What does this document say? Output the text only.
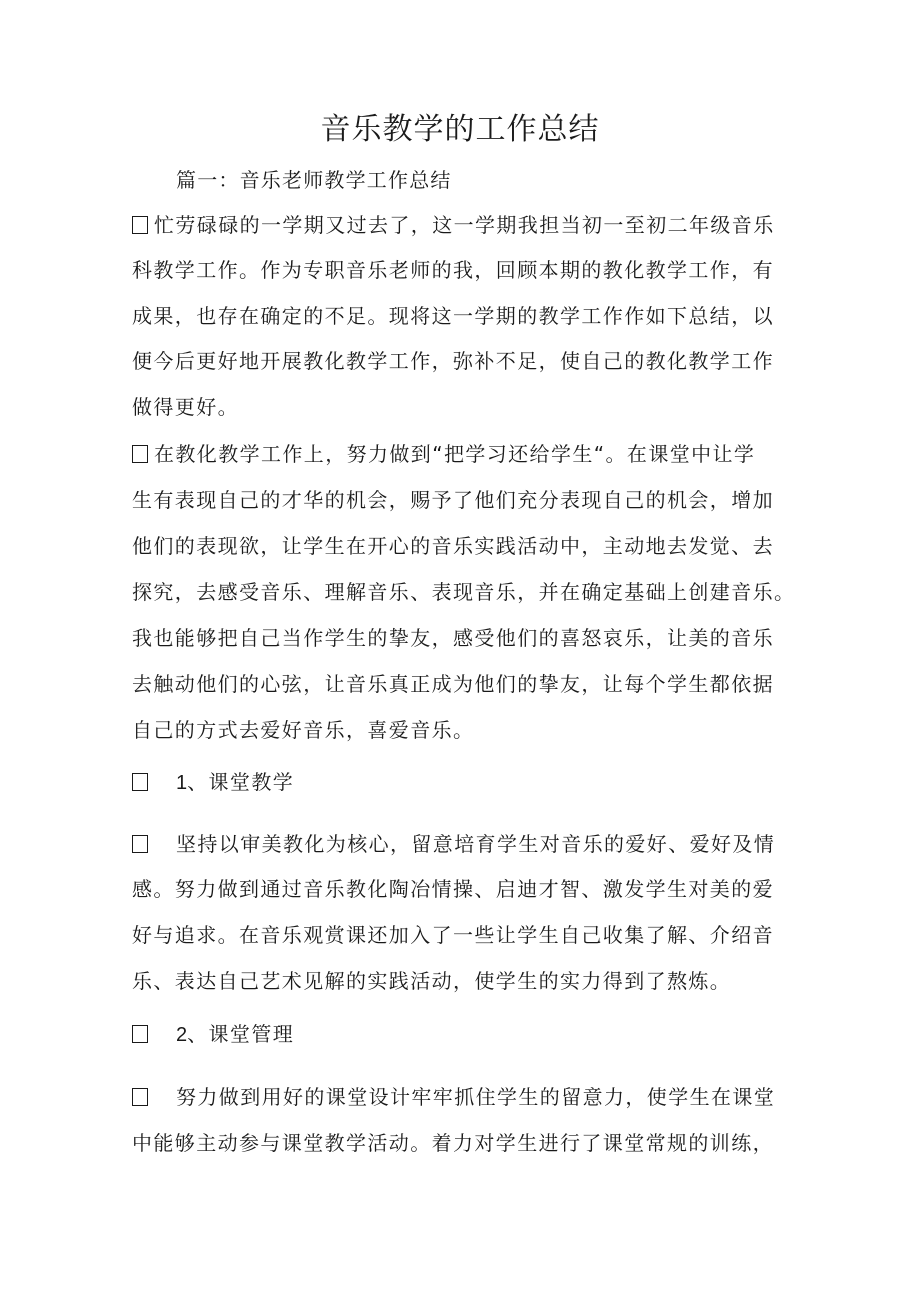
音乐教学的工作总结
篇一：音乐老师教学工作总结
忙劳碌碌的一学期又过去了，这一学期我担当初一至初二年级音乐
科教学工作。作为专职音乐老师的我，回顾本期的教化教学工作，有
成果，也存在确定的不足。现将这一学期的教学工作作如下总结，以
便今后更好地开展教化教学工作，弥补不足，使自己的教化教学工作
做得更好。
在教化教学工作上，努力做到“把学习还给学生“。在课堂中让学
生有表现自己的才华的机会，赐予了他们充分表现自己的机会，增加
他们的表现欲，让学生在开心的音乐实践活动中，主动地去发觉、去
探究，去感受音乐、理解音乐、表现音乐，并在确定基础上创建音乐。
我也能够把自己当作学生的挚友，感受他们的喜怒哀乐，让美的音乐
去触动他们的心弦，让音乐真正成为他们的挚友，让每个学生都依据
自己的方式去爱好音乐，喜爱音乐。
1、课堂教学
坚持以审美教化为核心，留意培育学生对音乐的爱好、爱好及情
感。努力做到通过音乐教化陶冶情操、启迪才智、激发学生对美的爱
好与追求。在音乐观赏课还加入了一些让学生自己收集了解、介绍音
乐、表达自己艺术见解的实践活动，使学生的实力得到了熬炼。
2、课堂管理
努力做到用好的课堂设计牢牢抓住学生的留意力，使学生在课堂
中能够主动参与课堂教学活动。着力对学生进行了课堂常规的训练，
